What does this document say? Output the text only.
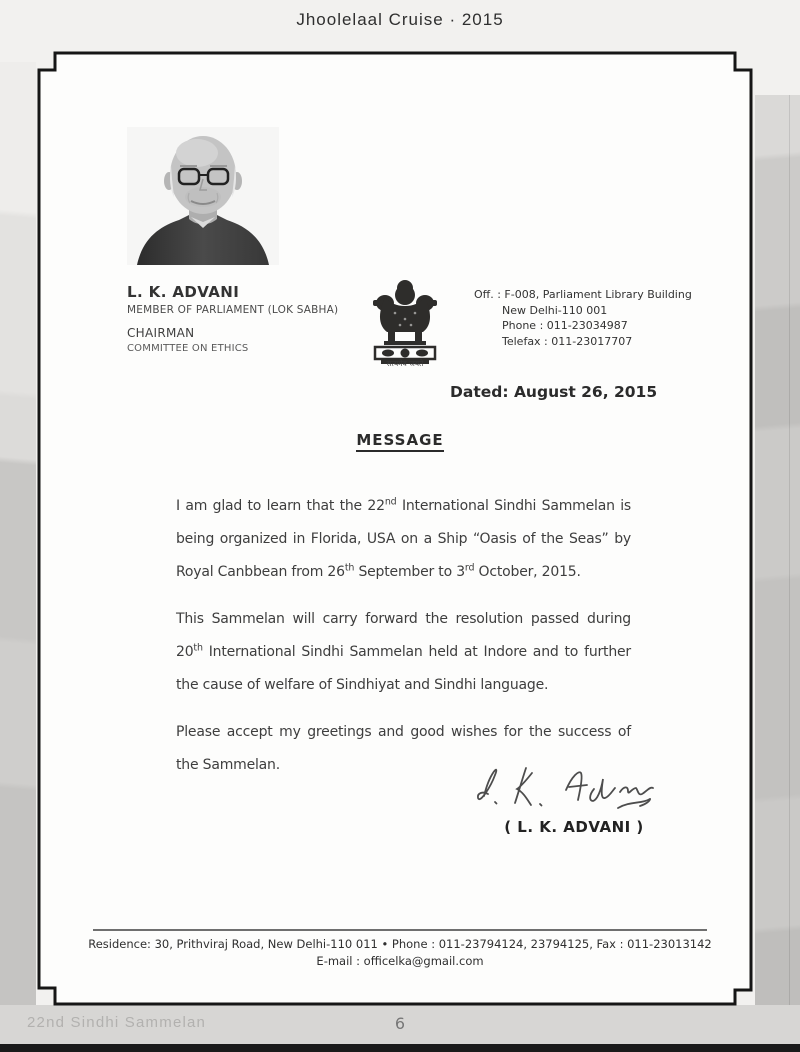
Jhoolelaal Cruise · 2015
L. K. ADVANI
MEMBER OF PARLIAMENT (LOK SABHA)
CHAIRMAN
COMMITTEE ON ETHICS
सत्यमेव जयते
Off. : F-008, Parliament Library Building
New Delhi-110 001
Phone : 011-23034987
Telefax : 011-23017707
Dated: August 26, 2015
MESSAGE

I am glad to learn that the 22nd International Sindhi Sammelan is being organized in Florida, USA on a Ship “Oasis of the Seas” by Royal Canbbean from 26th September to 3rd October, 2015.

This Sammelan will carry forward the resolution passed during 20th International Sindhi Sammelan held at Indore and to further the cause of welfare of Sindhiyat and Sindhi language.

Please accept my greetings and good wishes for the success of the Sammelan.

( L. K. ADVANI )
Residence: 30, Prithviraj Road, New Delhi-110 011 • Phone : 011-23794124, 23794125, Fax : 011-23013142
E-mail : officelka@gmail.com
22nd Sindhi Sammelan	6
